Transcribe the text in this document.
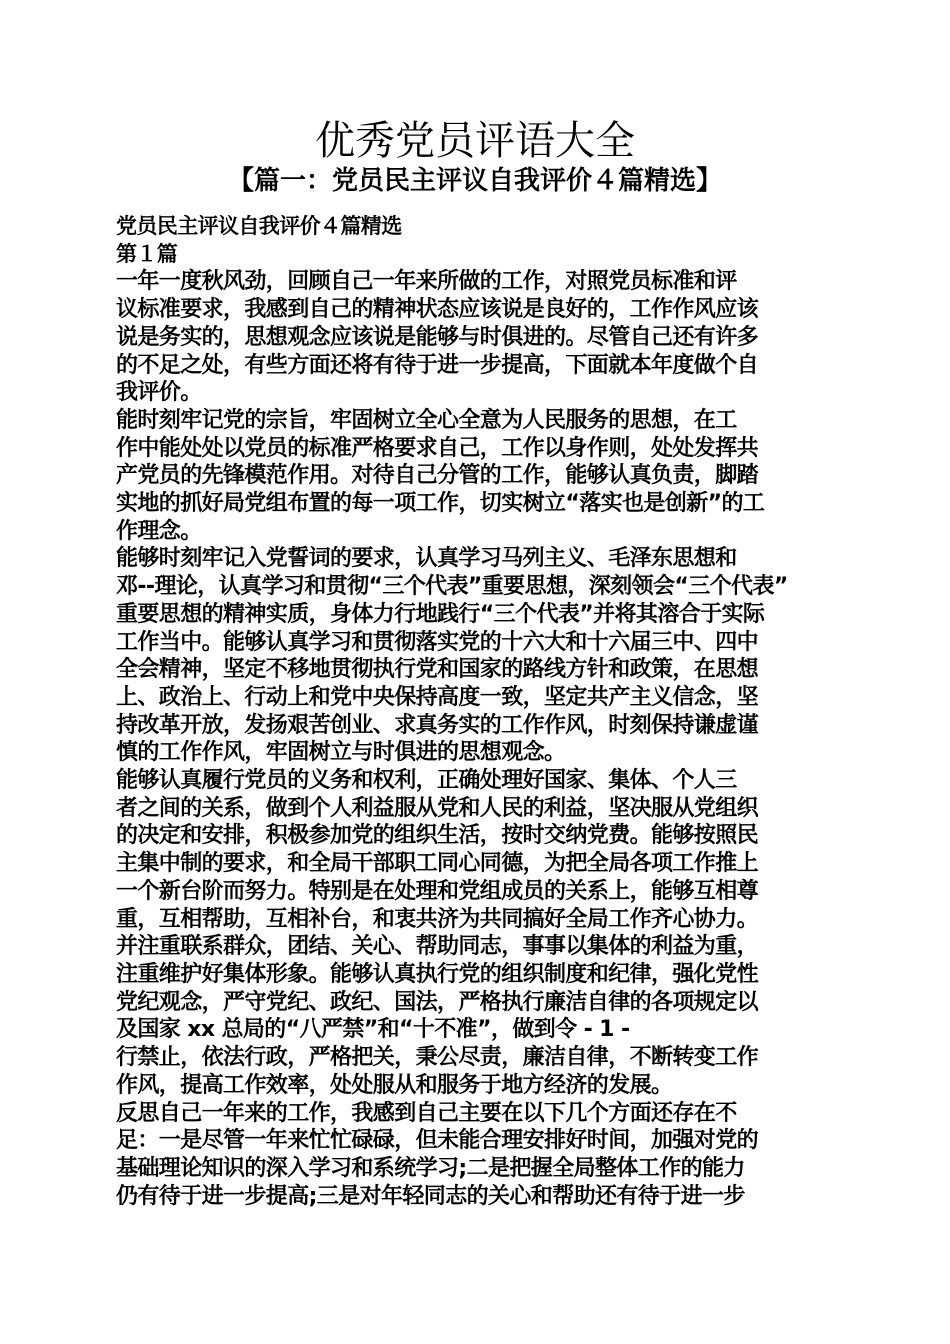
优秀党员评语大全
【篇一：党员民主评议自我评价４篇精选】
党员民主评议自我评价４篇精选
第１篇
一年一度秋风劲，回顾自己一年来所做的工作，对照党员标准和评
议标准要求，我感到自己的精神状态应该说是良好的，工作作风应该
说是务实的，思想观念应该说是能够与时俱进的。尽管自己还有许多
的不足之处，有些方面还将有待于进一步提高，下面就本年度做个自
我评价。
能时刻牢记党的宗旨，牢固树立全心全意为人民服务的思想，在工
作中能处处以党员的标准严格要求自己，工作以身作则，处处发挥共
产党员的先锋模范作用。对待自己分管的工作，能够认真负责，脚踏
实地的抓好局党组布置的每一项工作，切实树立“落实也是创新”的工
作理念。
能够时刻牢记入党誓词的要求，认真学习马列主义、毛泽东思想和
邓--理论，认真学习和贯彻“三个代表”重要思想，深刻领会“三个代表”
重要思想的精神实质，身体力行地践行“三个代表”并将其溶合于实际
工作当中。能够认真学习和贯彻落实党的十六大和十六届三中、四中
全会精神，坚定不移地贯彻执行党和国家的路线方针和政策，在思想
上、政治上、行动上和党中央保持高度一致，坚定共产主义信念，坚
持改革开放，发扬艰苦创业、求真务实的工作作风，时刻保持谦虚谨
慎的工作作风，牢固树立与时俱进的思想观念。
能够认真履行党员的义务和权利，正确处理好国家、集体、个人三
者之间的关系，做到个人利益服从党和人民的利益，坚决服从党组织
的决定和安排，积极参加党的组织生活，按时交纳党费。能够按照民
主集中制的要求，和全局干部职工同心同德，为把全局各项工作推上
一个新台阶而努力。特别是在处理和党组成员的关系上，能够互相尊
重，互相帮助，互相补台，和衷共济为共同搞好全局工作齐心协力。
并注重联系群众，团结、关心、帮助同志，事事以集体的利益为重，
注重维护好集体形象。能够认真执行党的组织制度和纪律，强化党性
党纪观念，严守党纪、政纪、国法，严格执行廉洁自律的各项规定以
及国家 xx 总局的“八严禁”和“十不准”，做到令 - 1 -
行禁止，依法行政，严格把关，秉公尽责，廉洁自律，不断转变工作
作风，提高工作效率，处处服从和服务于地方经济的发展。
反思自己一年来的工作，我感到自己主要在以下几个方面还存在不
足：一是尽管一年来忙忙碌碌，但未能合理安排好时间，加强对党的
基础理论知识的深入学习和系统学习;二是把握全局整体工作的能力
仍有待于进一步提高;三是对年轻同志的关心和帮助还有待于进一步
